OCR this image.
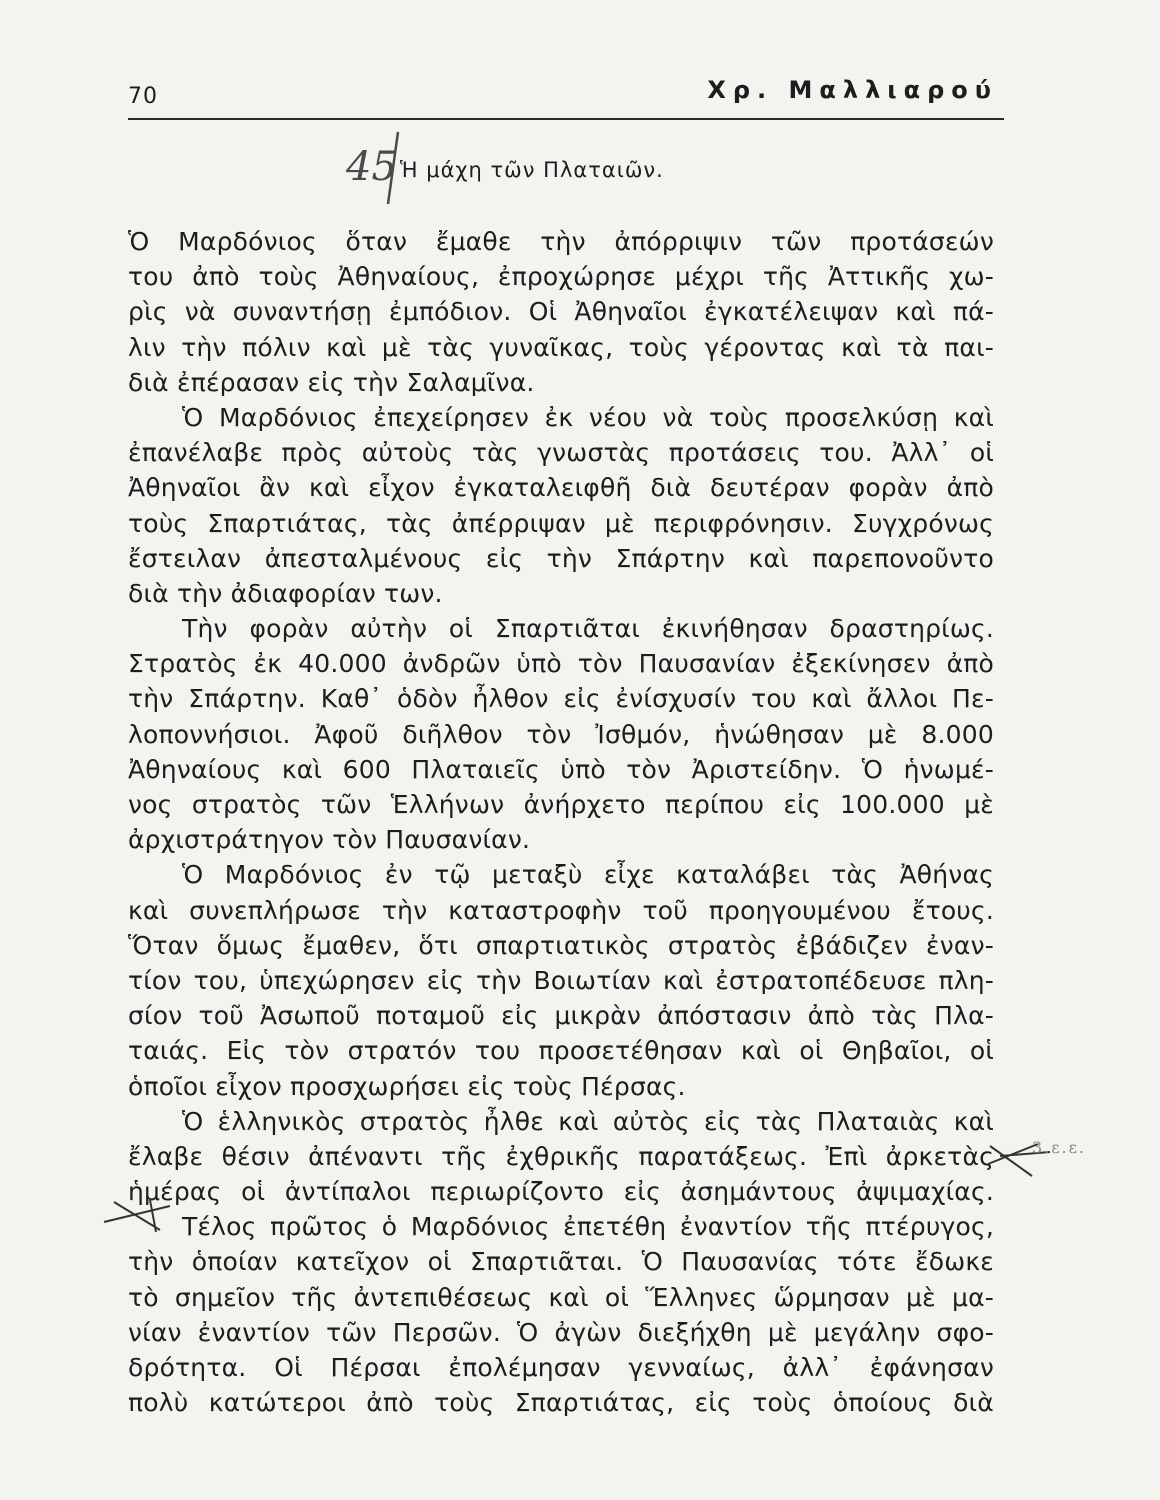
70	Χρ. Μαλλιαρού
45 Ἡ μάχη τῶν Πλαταιῶν.
Ὁ Μαρδόνιος ὅταν ἔμαθε τὴν ἀπόρριψιν τῶν προτάσεών
του ἀπὸ τοὺς Ἀθηναίους, ἐπροχώρησε μέχρι τῆς Ἀττικῆς χω-
ρὶς νὰ συναντήσῃ ἐμπόδιον. Οἱ Ἀθηναῖοι ἐγκατέλειψαν καὶ πά-
λιν τὴν πόλιν καὶ μὲ τὰς γυναῖκας, τοὺς γέροντας καὶ τὰ παι-
διὰ ἐπέρασαν εἰς τὴν Σαλαμῖνα.
Ὁ Μαρδόνιος ἐπεχείρησεν ἐκ νέου νὰ τοὺς προσελκύσῃ καὶ
ἐπανέλαβε πρὸς αὐτοὺς τὰς γνωστὰς προτάσεις του. Ἀλλ᾽ οἱ
Ἀθηναῖοι ἂν καὶ εἶχον ἐγκαταλειφθῆ διὰ δευτέραν φορὰν ἀπὸ
τοὺς Σπαρτιάτας, τὰς ἀπέρριψαν μὲ περιφρόνησιν. Συγχρόνως
ἔστειλαν ἀπεσταλμένους εἰς τὴν Σπάρτην καὶ παρεπονοῦντο
διὰ τὴν ἀδιαφορίαν των.
Τὴν φορὰν αὐτὴν οἱ Σπαρτιᾶται ἐκινήθησαν δραστηρίως.
Στρατὸς ἐκ 40.000 ἀνδρῶν ὑπὸ τὸν Παυσανίαν ἐξεκίνησεν ἀπὸ
τὴν Σπάρτην. Καθ᾽ ὁδὸν ἦλθον εἰς ἐνίσχυσίν του καὶ ἄλλοι Πε-
λοποννήσιοι. Ἀφοῦ διῆλθον τὸν Ἰσθμόν, ἡνώθησαν μὲ 8.000
Ἀθηναίους καὶ 600 Πλαταιεῖς ὑπὸ τὸν Ἀριστείδην. Ὁ ἡνωμέ-
νος στρατὸς τῶν Ἑλλήνων ἀνήρχετο περίπου εἰς 100.000 μὲ
ἀρχιστράτηγον τὸν Παυσανίαν.
Ὁ Μαρδόνιος ἐν τῷ μεταξὺ εἶχε καταλάβει τὰς Ἀθήνας
καὶ συνεπλήρωσε τὴν καταστροφὴν τοῦ προηγουμένου ἔτους.
Ὅταν ὅμως ἔμαθεν, ὅτι σπαρτιατικὸς στρατὸς ἐβάδιζεν ἐναν-
τίον του, ὑπεχώρησεν εἰς τὴν Βοιωτίαν καὶ ἐστρατοπέδευσε πλη-
σίον τοῦ Ἀσωποῦ ποταμοῦ εἰς μικρὰν ἀπόστασιν ἀπὸ τὰς Πλα-
ταιάς. Εἰς τὸν στρατόν του προσετέθησαν καὶ οἱ Θηβαῖοι, οἱ
ὁποῖοι εἶχον προσχωρήσει εἰς τοὺς Πέρσας.
Ὁ ἑλληνικὸς στρατὸς ἦλθε καὶ αὐτὸς εἰς τὰς Πλαταιὰς καὶ
ἔλαβε θέσιν ἀπέναντι τῆς ἐχθρικῆς παρατάξεως. Ἐπὶ ἀρκετὰς
ἡμέρας οἱ ἀντίπαλοι περιωρίζοντο εἰς ἀσημάντους ἀψιμαχίας.
Τέλος πρῶτος ὁ Μαρδόνιος ἐπετέθη ἐναντίον τῆς πτέρυγος,
τὴν ὁποίαν κατεῖχον οἱ Σπαρτιᾶται. Ὁ Παυσανίας τότε ἔδωκε
τὸ σημεῖον τῆς ἀντεπιθέσεως καὶ οἱ Ἕλληνες ὥρμησαν μὲ μα-
νίαν ἐναντίον τῶν Περσῶν. Ὁ ἀγὼν διεξήχθη μὲ μεγάλην σφο-
δρότητα. Οἱ Πέρσαι ἐπολέμησαν γενναίως, ἀλλ᾽ ἐφάνησαν
πολὺ κατώτεροι ἀπὸ τοὺς Σπαρτιάτας, εἰς τοὺς ὁποίους διὰ
3.ε.ε.
